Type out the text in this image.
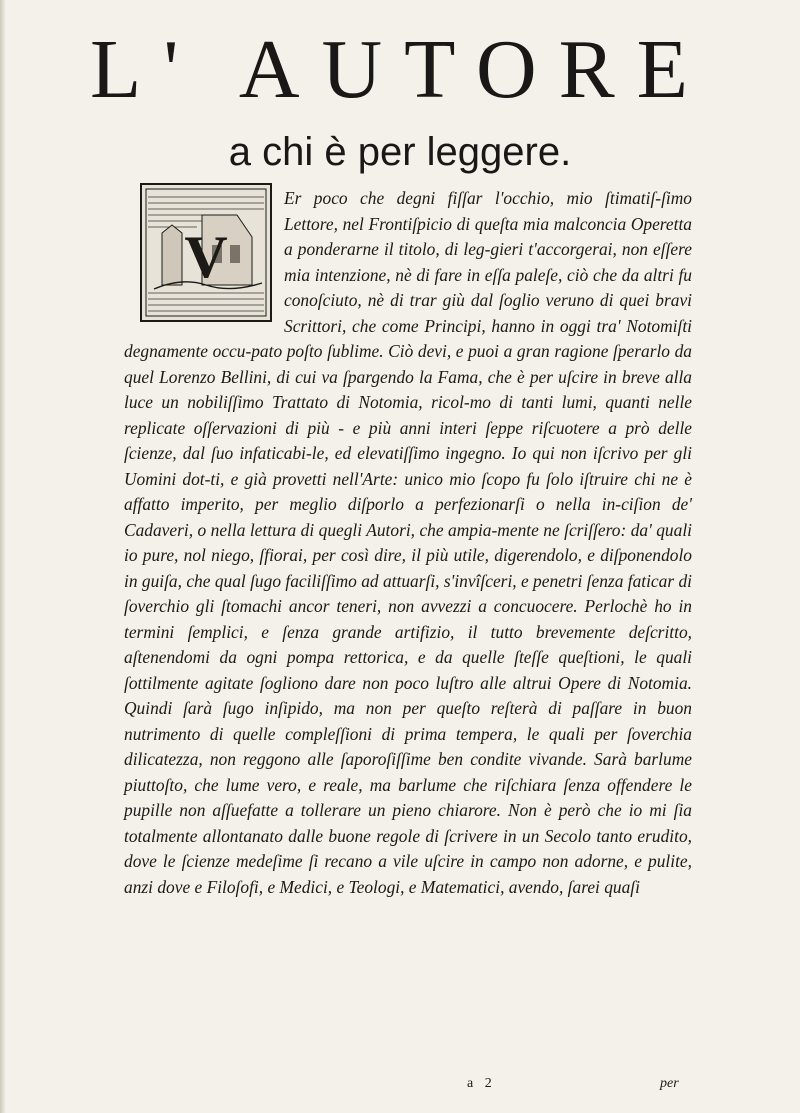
L' AUTORE
a chi è per leggere.
V

Er poco che degni fiſſar l'occhio, mio ſtimatiſ-ſimo Lettore, nel Frontiſpicio di queſta mia malconcia Operetta a ponderarne il titolo, di leg-gieri t'accorgerai, non eſſere mia intenzione, nè di fare in eſſa paleſe, ciò che da altri fu conoſciuto, nè di trar giù dal ſoglio veruno di quei bravi Scrittori, che come Principi, hanno in oggi tra' Notomiſti degnamente occu-pato poſto ſublime. Ciò devi, e puoi a gran ragione ſperarlo da quel Lorenzo Bellini, di cui va ſpargendo la Fama, che è per uſcire in breve alla luce un nobiliſſimo Trattato di Notomia, ricol-mo di tanti lumi, quanti nelle replicate oſſervazioni di più - e più anni interi ſeppe riſcuotere a prò delle ſcienze, dal ſuo infaticabi-le, ed elevatiſſimo ingegno. Io qui non iſcrivo per gli Uomini dot-ti, e già provetti nell'Arte: unico mio ſcopo fu ſolo iſtruire chi ne è affatto imperito, per meglio diſporlo a perfezionarſi o nella in-ciſion de' Cadaveri, o nella lettura di quegli Autori, che ampia-mente ne ſcriſſero: da' quali io pure, nol niego, ſfiorai, per così dire, il più utile, digerendolo, e diſponendolo in guiſa, che qual ſugo faciliſſimo ad attuarſi, s'invîſceri, e penetri ſenza faticar di ſoverchio gli ſtomachi ancor teneri, non avvezzi a concuocere. Perlochè ho in termini ſemplici, e ſenza grande artifizio, il tutto brevemente deſcritto, aſtenendomi da ogni pompa rettorica, e da quelle ſteſſe queſtioni, le quali ſottilmente agitate ſogliono dare non poco luſtro alle altrui Opere di Notomia. Quindi ſarà ſugo inſipido, ma non per queſto reſterà di paſſare in buon nutrimento di quelle compleſſioni di prima tempera, le quali per ſoverchia dilicatezza, non reggono alle ſaporoſiſſime ben condite vivande. Sarà barlume piuttoſto, che lume vero, e reale, ma barlume che riſchiara ſenza offendere le pupille non aſſuefatte a tollerare un pieno chiarore. Non è però che io mi ſia totalmente allontanato dalle buone regole di ſcrivere in un Secolo tanto erudito, dove le ſcienze medeſime ſi recano a vile uſcire in campo non adorne, e pulite, anzi dove e Filoſofi, e Medici, e Teologi, e Matematici, avendo, ſarei quaſi

a 2	per
